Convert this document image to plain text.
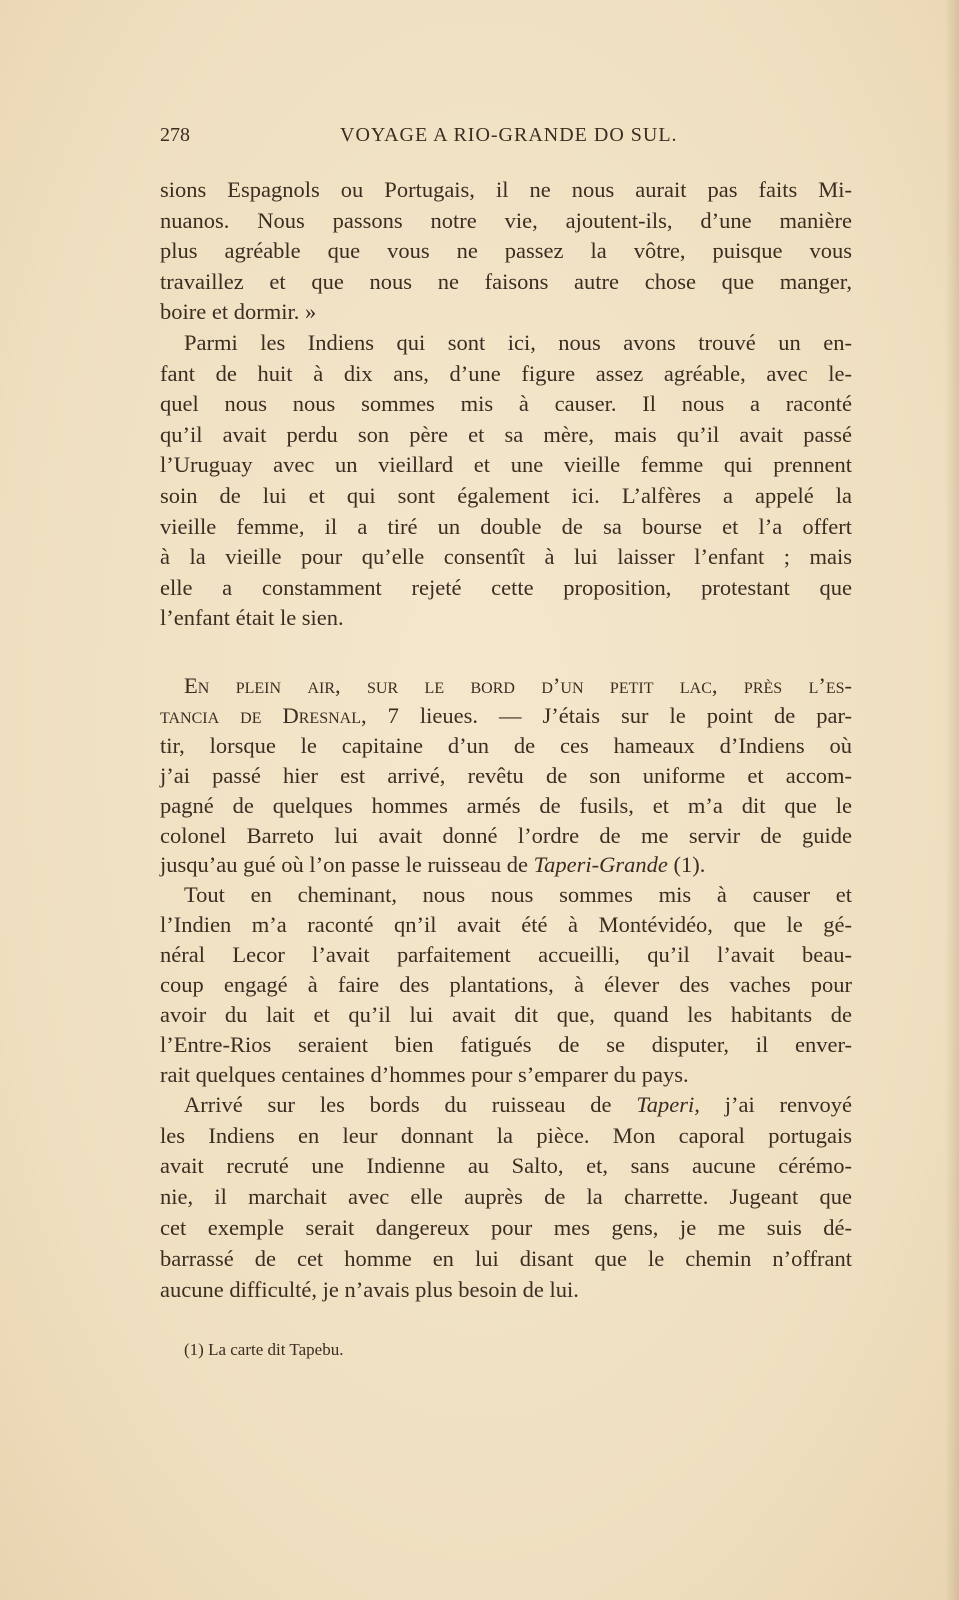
278	VOYAGE A RIO-GRANDE DO SUL.
sions Espagnols ou Portugais, il ne nous aurait pas faits Mi-
nuanos. Nous passons notre vie, ajoutent-ils, d’une manière
plus agréable que vous ne passez la vôtre, puisque vous
travaillez et que nous ne faisons autre chose que manger,
boire et dormir. »
Parmi les Indiens qui sont ici, nous avons trouvé un en-
fant de huit à dix ans, d’une figure assez agréable, avec le-
quel nous nous sommes mis à causer. Il nous a raconté
qu’il avait perdu son père et sa mère, mais qu’il avait passé
l’Uruguay avec un vieillard et une vieille femme qui prennent
soin de lui et qui sont également ici. L’alfères a appelé la
vieille femme, il a tiré un double de sa bourse et l’a offert
à la vieille pour qu’elle consentît à lui laisser l’enfant ; mais
elle a constamment rejeté cette proposition, protestant que
l’enfant était le sien.
En plein air, sur le bord d’un petit lac, près l’es-
tancia de Dresnal, 7 lieues. — J’étais sur le point de par-
tir, lorsque le capitaine d’un de ces hameaux d’Indiens où
j’ai passé hier est arrivé, revêtu de son uniforme et accom-
pagné de quelques hommes armés de fusils, et m’a dit que le
colonel Barreto lui avait donné l’ordre de me servir de guide
jusqu’au gué où l’on passe le ruisseau de Taperi-Grande (1).
Tout en cheminant, nous nous sommes mis à causer et
l’Indien m’a raconté qn’il avait été à Montévidéo, que le gé-
néral Lecor l’avait parfaitement accueilli, qu’il l’avait beau-
coup engagé à faire des plantations, à élever des vaches pour
avoir du lait et qu’il lui avait dit que, quand les habitants de
l’Entre-Rios seraient bien fatigués de se disputer, il enver-
rait quelques centaines d’hommes pour s’emparer du pays.
Arrivé sur les bords du ruisseau de Taperi, j’ai renvoyé
les Indiens en leur donnant la pièce. Mon caporal portugais
avait recruté une Indienne au Salto, et, sans aucune cérémo-
nie, il marchait avec elle auprès de la charrette. Jugeant que
cet exemple serait dangereux pour mes gens, je me suis dé-
barrassé de cet homme en lui disant que le chemin n’offrant
aucune difficulté, je n’avais plus besoin de lui.
(1) La carte dit Tapebu.
